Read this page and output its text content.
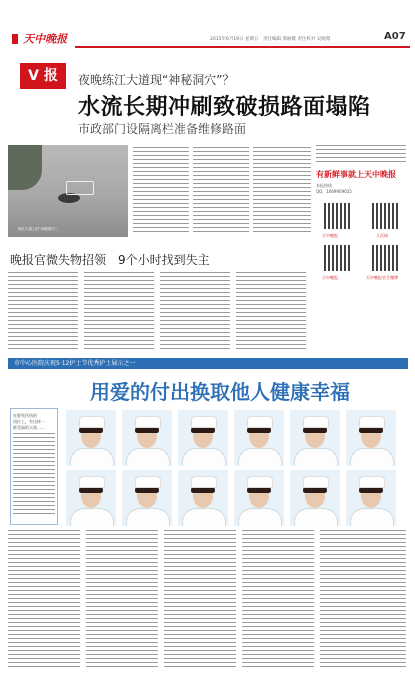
天中晚报	2015年6月19日 星期五　责任编辑 邢丽微 责任校对 吴晓璟	A07
V 报	夜晚练江大道现“神秘洞穴”？
水流长期冲刷致破损路面塌陷
市政部门设隔离栏准备维修路面
练江大道上的“神秘洞穴”。
有新鲜事就上天中晚报
本报热线
QQ：1669909025
天中晚报	人民网
天中晚报	天中晚报官方微博
晚报官微失物招领　9个小时找到失主
市中心医院庆祝5·12护士节优秀护士展示之一
用爱的付出换取他人健康幸福
在救死扶伤的
岗位上，有这样一
群美丽的天使……
